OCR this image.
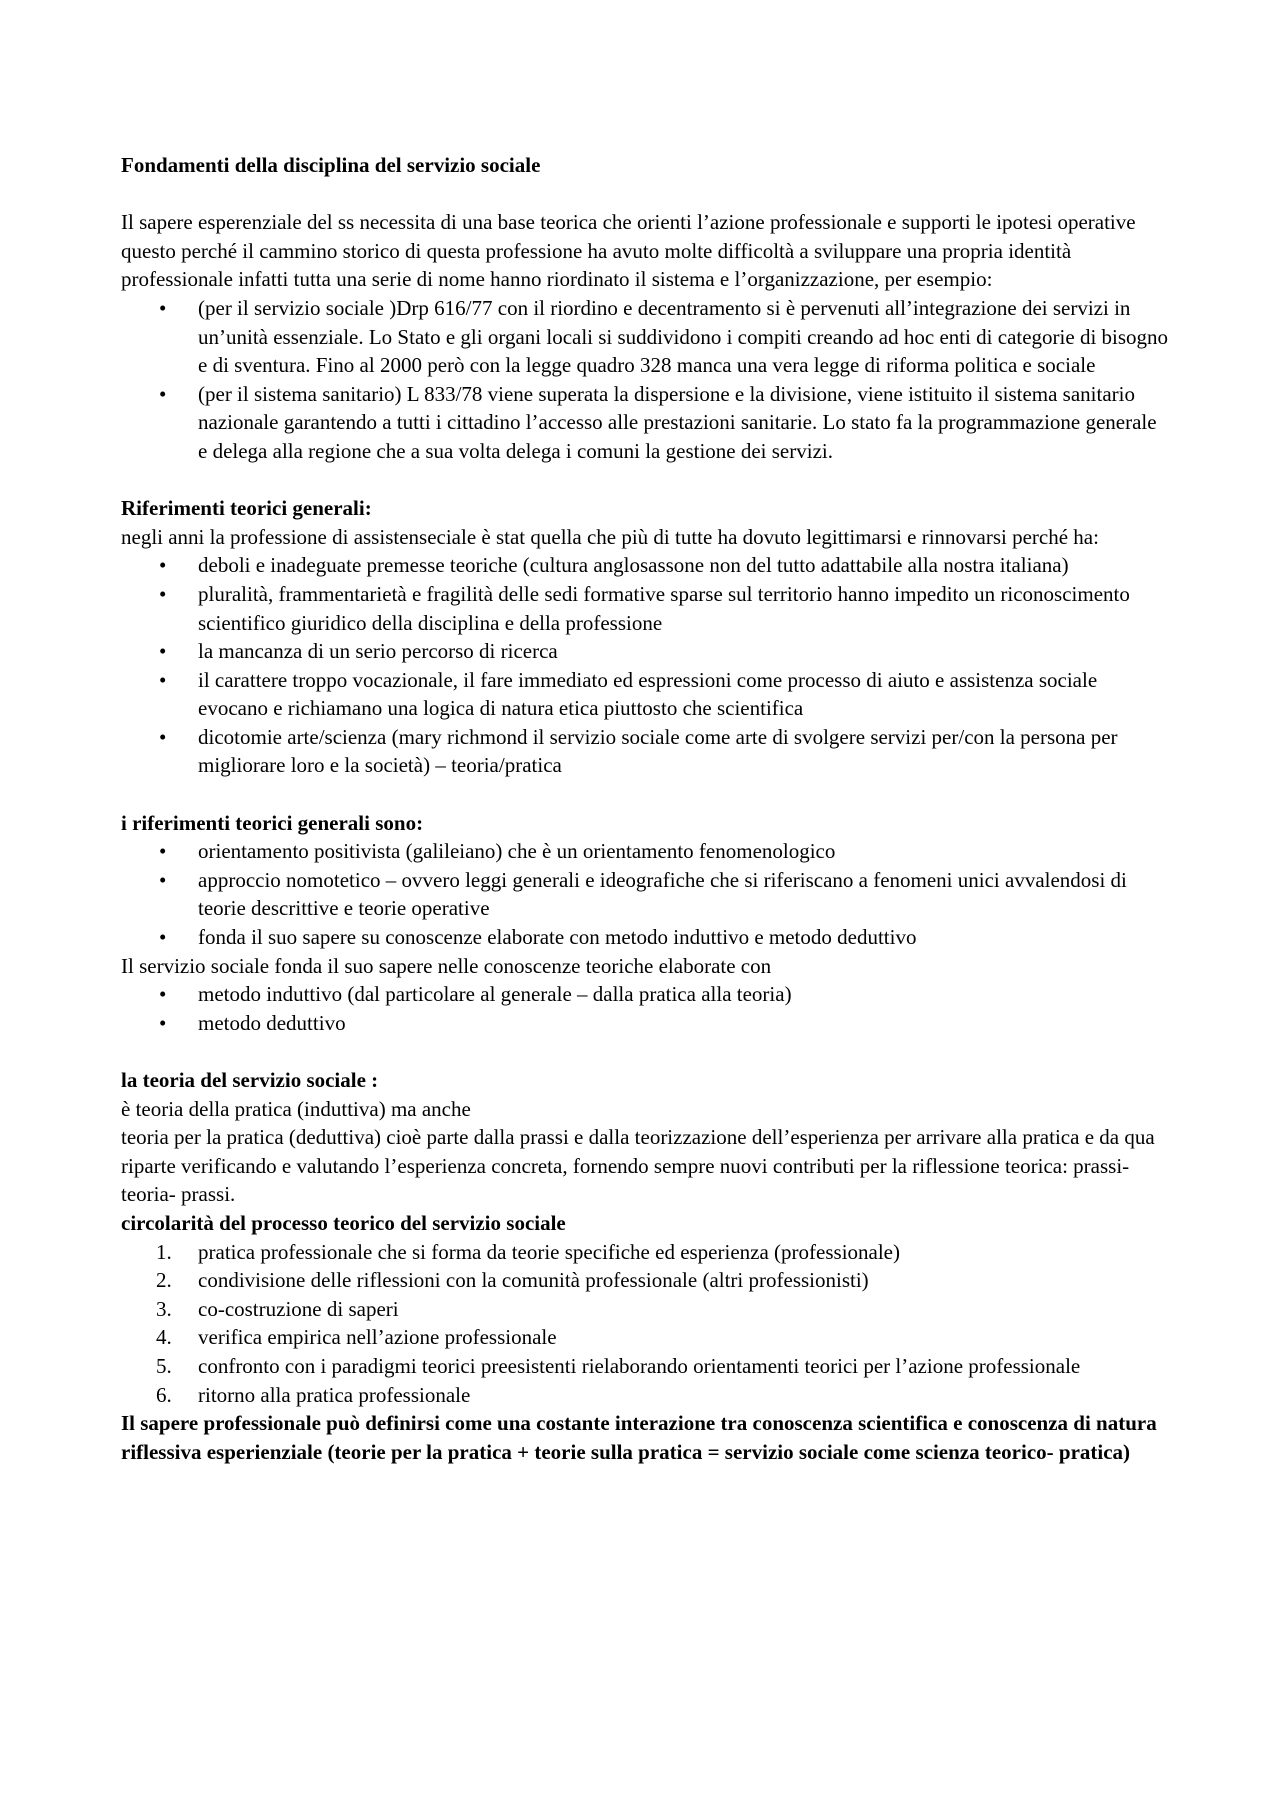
Fondamenti della disciplina del servizio sociale

Il sapere esperenziale del ss necessita di una base teorica che orienti l’azione professionale e supporti le ipotesi operative questo perché il cammino storico di questa professione ha avuto molte difficoltà a sviluppare una propria identità professionale infatti tutta una serie di nome hanno riordinato il sistema e l’organizzazione, per esempio:

• (per il servizio sociale )Drp 616/77 con il riordino e decentramento si è pervenuti all’integrazione dei servizi in un’unità essenziale. Lo Stato e gli organi locali si suddividono i compiti creando ad hoc enti di categorie di bisogno e di sventura. Fino al 2000 però con la legge quadro 328 manca una vera legge di riforma politica e sociale
• (per il sistema sanitario) L 833/78 viene superata la dispersione e la divisione, viene istituito il sistema sanitario nazionale garantendo a tutti i cittadino l’accesso alle prestazioni sanitarie. Lo stato fa la programmazione generale e delega alla regione che a sua volta delega i comuni la gestione dei servizi.

Riferimenti teorici generali:

negli anni la professione di assistenseciale è stat quella che più di tutte ha dovuto legittimarsi e rinnovarsi perché ha:

• deboli e inadeguate premesse teoriche (cultura anglosassone non del tutto adattabile alla nostra italiana)
• pluralità, frammentarietà e fragilità delle sedi formative sparse sul territorio hanno impedito un riconoscimento scientifico giuridico della disciplina e della professione
• la mancanza di un serio percorso di ricerca
• il carattere troppo vocazionale, il fare immediato ed espressioni come processo di aiuto e assistenza sociale evocano e richiamano una logica di natura etica piuttosto che scientifica
• dicotomie arte/scienza (mary richmond il servizio sociale come arte di svolgere servizi per/con la persona per migliorare loro e la società) – teoria/pratica

i riferimenti teorici generali sono:

• orientamento positivista (galileiano) che è un orientamento fenomenologico
• approccio nomotetico – ovvero leggi generali e ideografiche che si riferiscano a fenomeni unici avvalendosi di teorie descrittive e teorie operative
• fonda il suo sapere su conoscenze elaborate con metodo induttivo e metodo deduttivo

Il servizio sociale fonda il suo sapere nelle conoscenze teoriche elaborate con

• metodo induttivo (dal particolare al generale – dalla pratica alla teoria)
• metodo deduttivo

la teoria del servizio sociale :

è teoria della pratica (induttiva) ma anche

teoria per la pratica (deduttiva) cioè parte dalla prassi e dalla teorizzazione dell’esperienza per arrivare alla pratica e da qua riparte verificando e valutando l’esperienza concreta, fornendo sempre nuovi contributi per la riflessione teorica: prassi- teoria- prassi.

circolarità del processo teorico del servizio sociale

1. pratica professionale che si forma da teorie specifiche ed esperienza (professionale)
2. condivisione delle riflessioni con la comunità professionale (altri professionisti)
3. co-costruzione di saperi
4. verifica empirica nell’azione professionale
5. confronto con i paradigmi teorici preesistenti rielaborando orientamenti teorici per l’azione professionale
6. ritorno alla pratica professionale

Il sapere professionale può definirsi come una costante interazione tra conoscenza scientifica e conoscenza di natura riflessiva esperienziale (teorie per la pratica + teorie sulla pratica = servizio sociale come scienza teorico- pratica)
